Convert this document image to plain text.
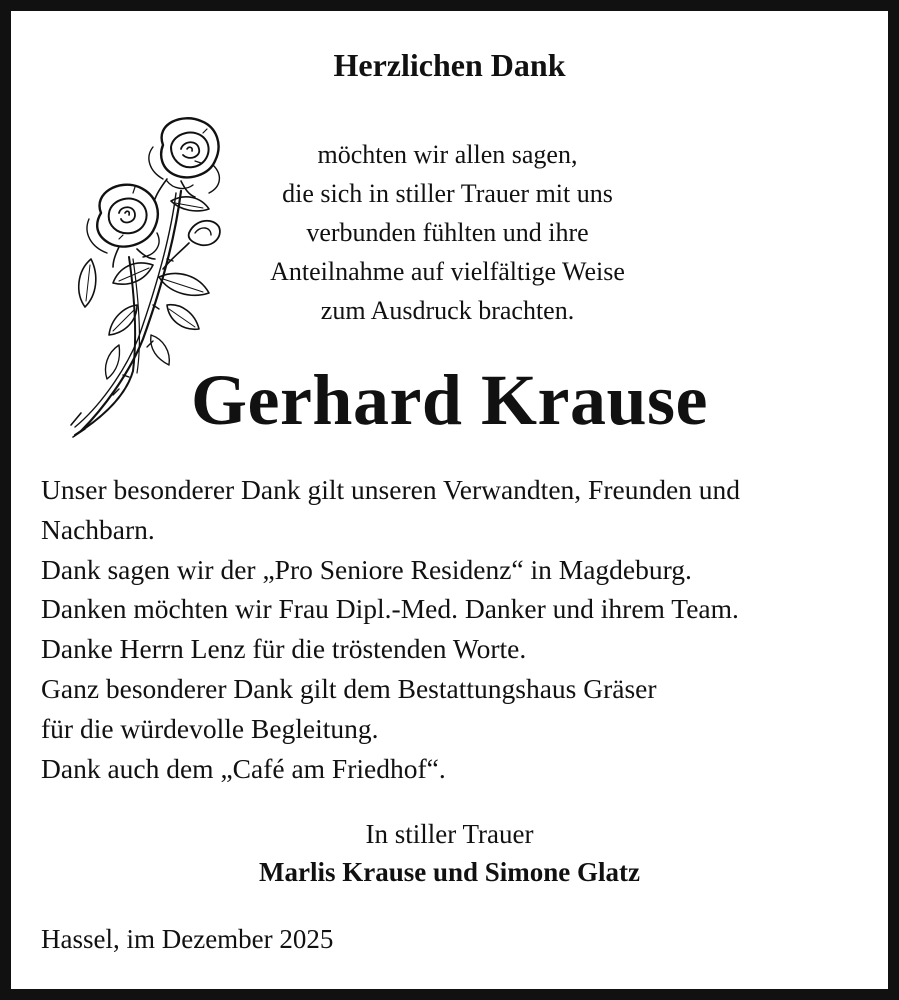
Herzlichen Dank
möchten wir allen sagen,
die sich in stiller Trauer mit uns
verbunden fühlten und ihre
Anteilnahme auf vielfältige Weise
zum Ausdruck brachten.
Gerhard Krause
Unser besonderer Dank gilt unseren Verwandten, Freunden und
Nachbarn.
Dank sagen wir der „Pro Seniore Residenz“ in Magdeburg.
Danken möchten wir Frau Dipl.-Med. Danker und ihrem Team.
Danke Herrn Lenz für die tröstenden Worte.
Ganz besonderer Dank gilt dem Bestattungshaus Gräser
für die würdevolle Begleitung.
Dank auch dem „Café am Friedhof“.
In stiller Trauer
Marlis Krause und Simone Glatz
Hassel, im Dezember 2025
